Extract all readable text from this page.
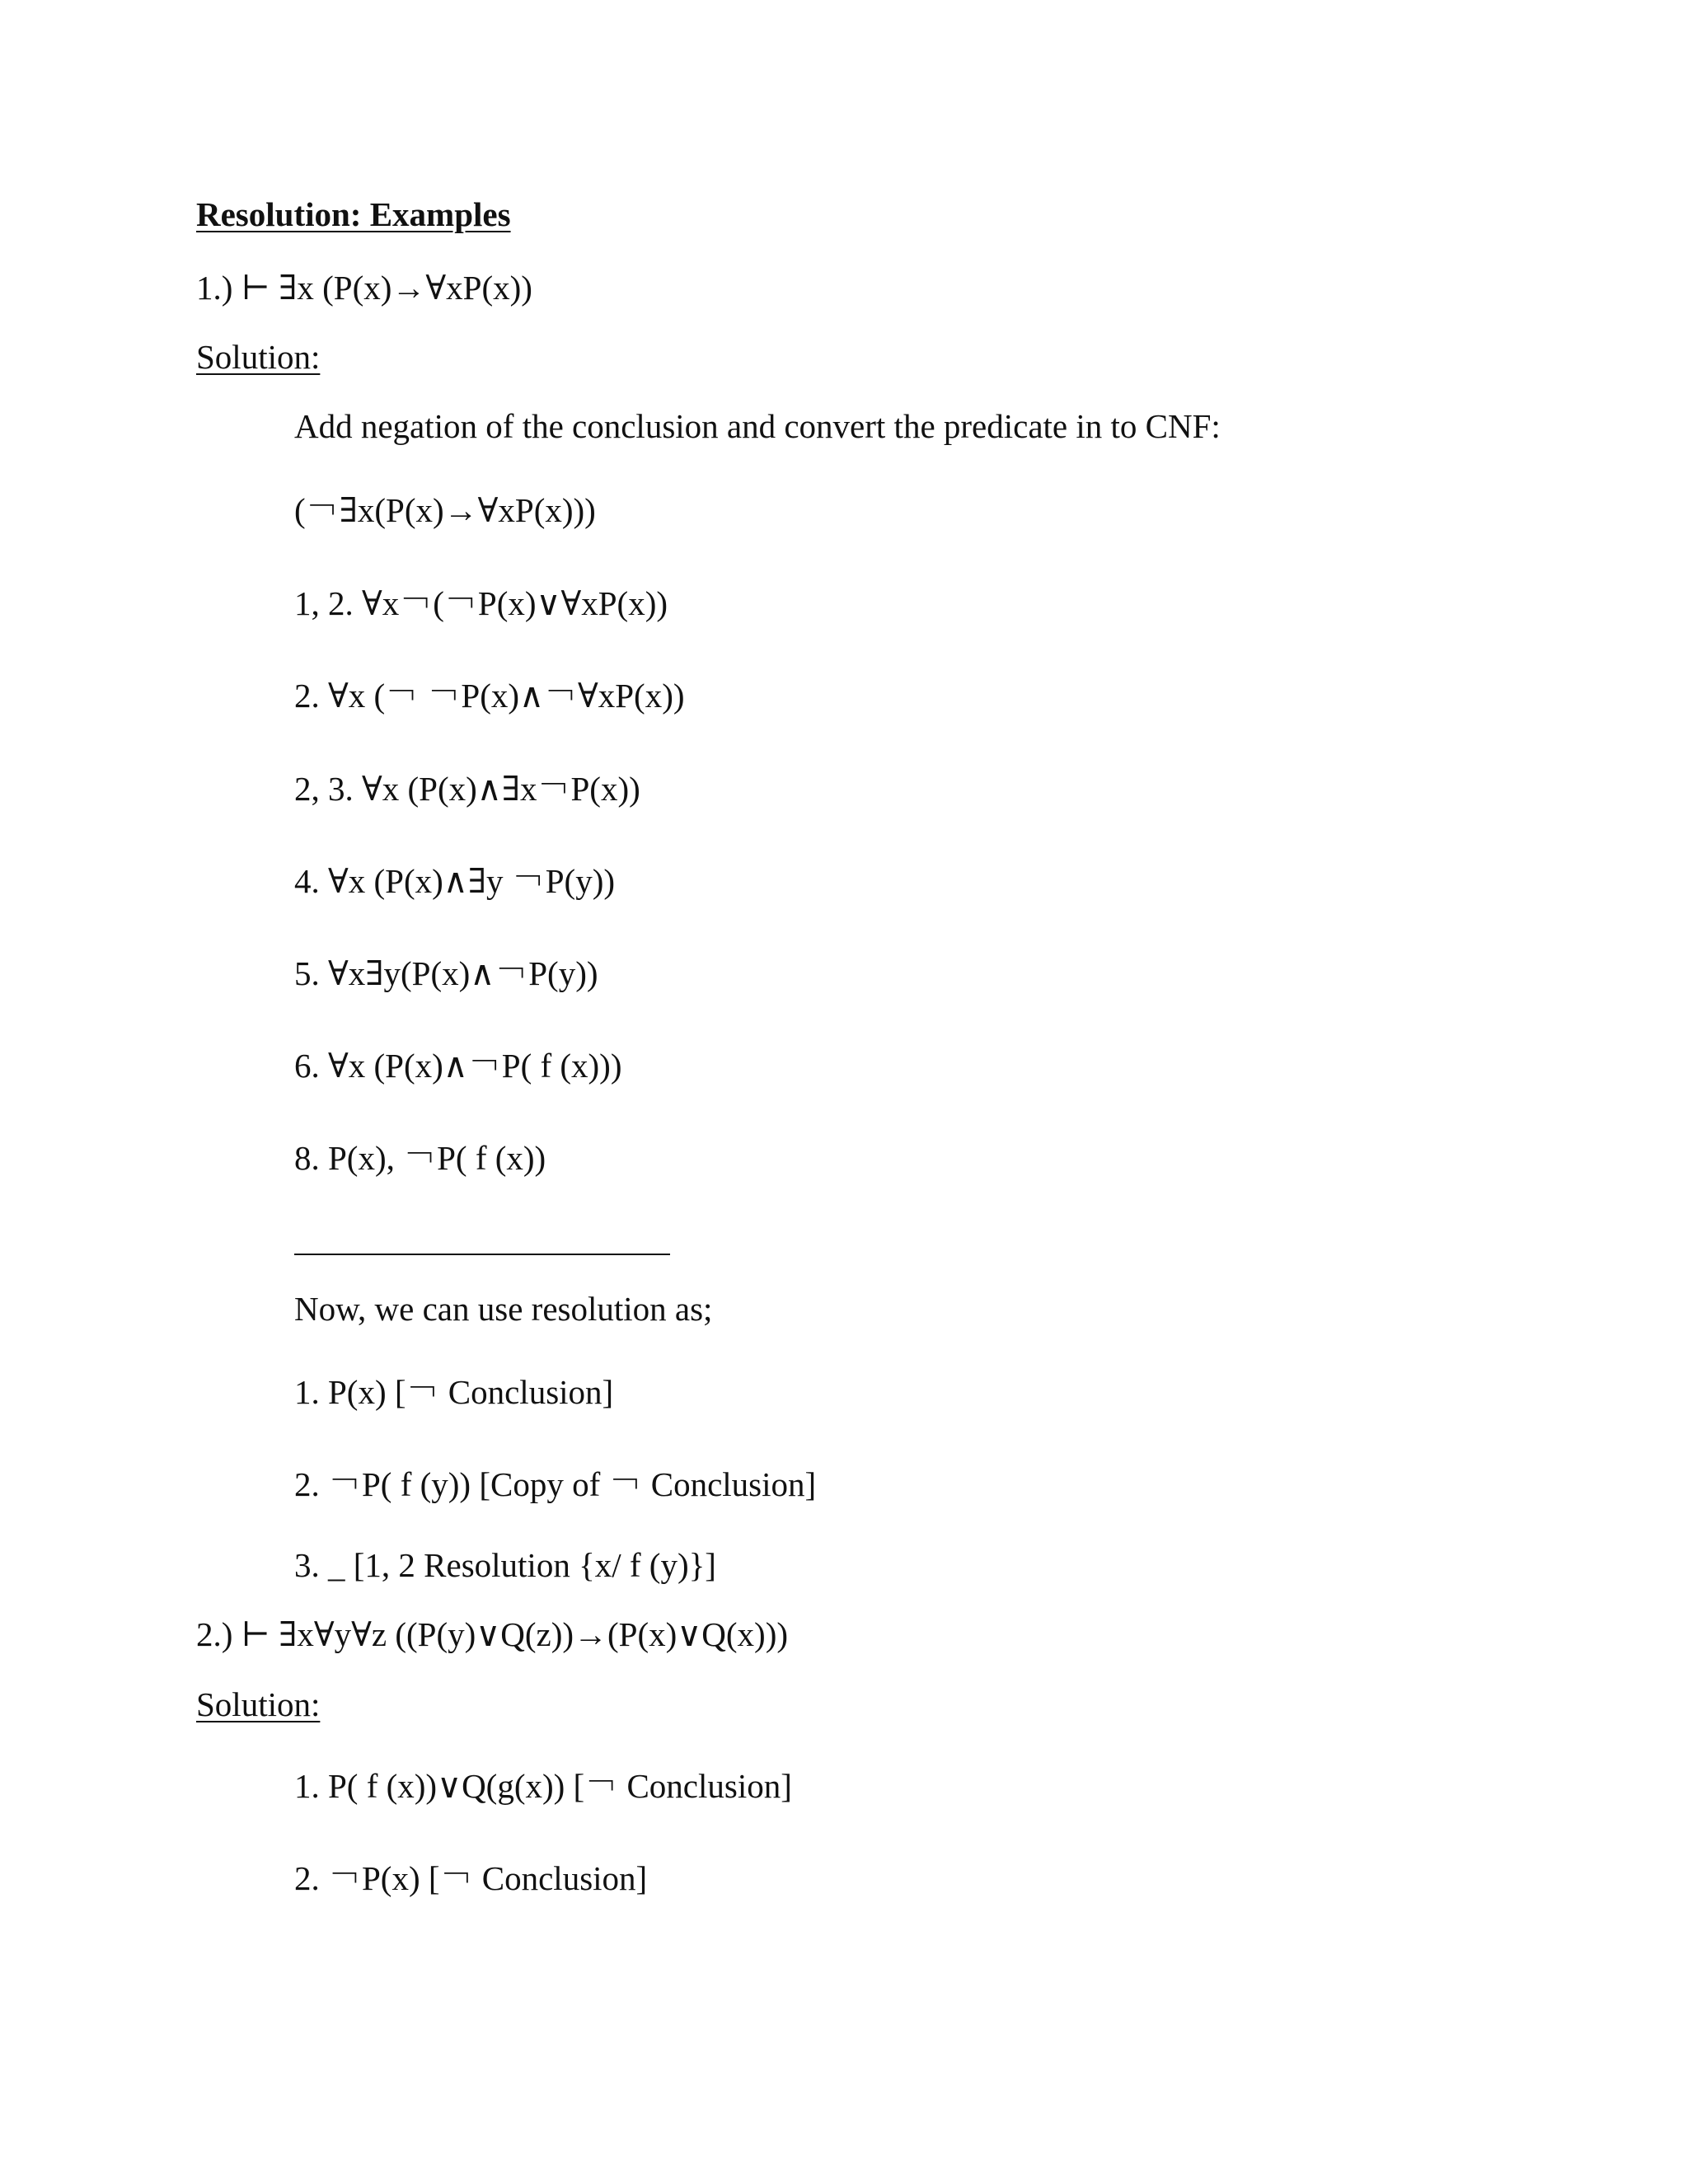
Resolution: Examples
1.) ⊢ ∃x (P(x)→∀xP(x))
Solution:
Add negation of the conclusion and convert the predicate in to CNF:
(￢∃x(P(x)→∀xP(x)))
1, 2. ∀x￢(￢P(x)∨∀xP(x))
2. ∀x (￢ ￢P(x)∧￢∀xP(x))
2, 3. ∀x (P(x)∧∃x￢P(x))
4. ∀x (P(x)∧∃y ￢P(y))
5. ∀x∃y(P(x)∧￢P(y))
6. ∀x (P(x)∧￢P( f (x)))
8. P(x), ￢P( f (x))
Now, we can use resolution as;
1. P(x) [￢ Conclusion]
2. ￢P( f (y)) [Copy of ￢ Conclusion]
3. _ [1, 2 Resolution {x/ f (y)}]
2.) ⊢ ∃x∀y∀z ((P(y)∨Q(z))→(P(x)∨Q(x)))
Solution:
1. P( f (x))∨Q(g(x)) [￢ Conclusion]
2. ￢P(x) [￢ Conclusion]
